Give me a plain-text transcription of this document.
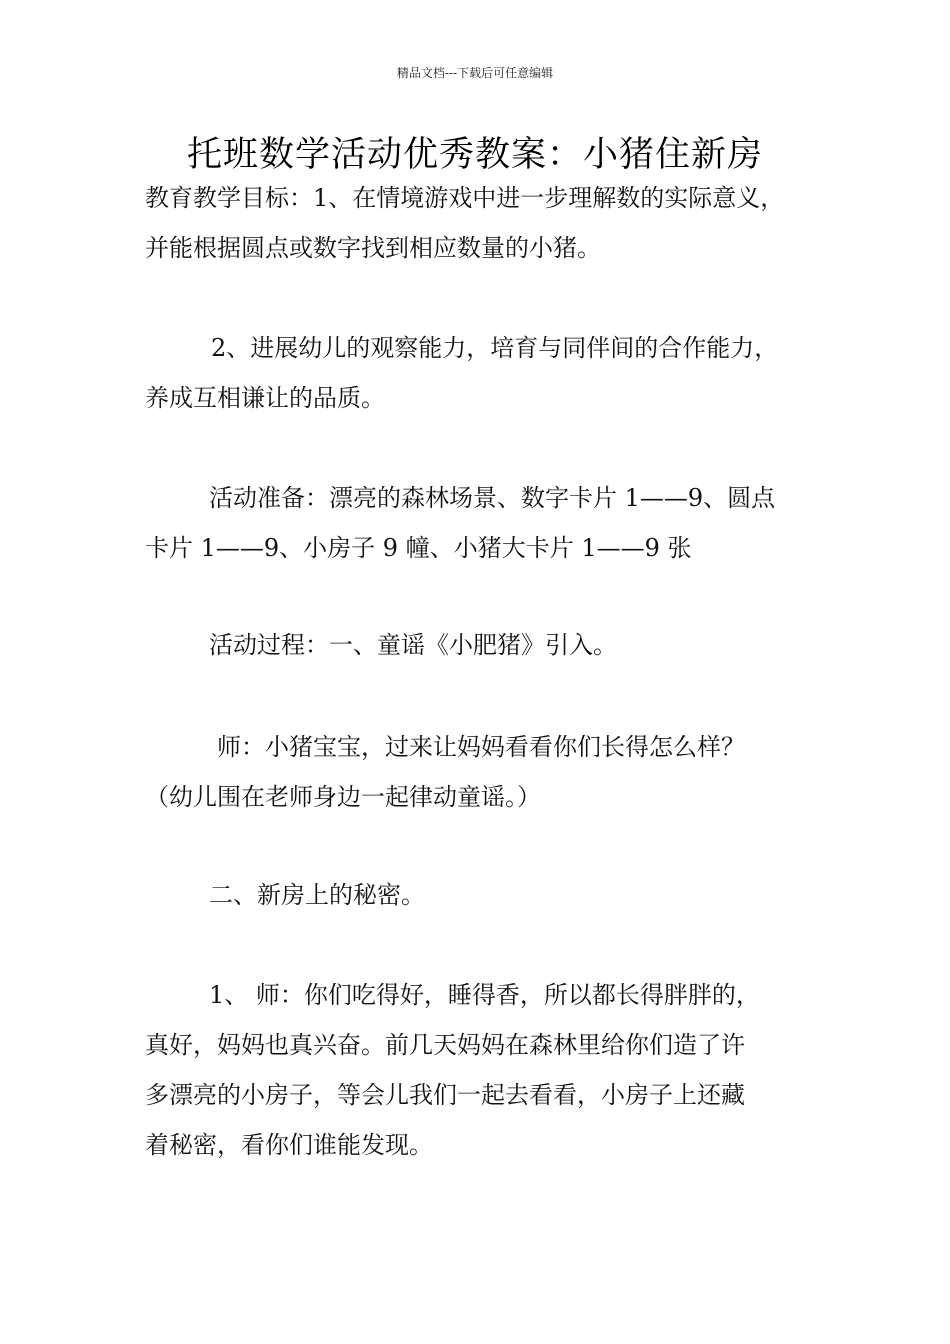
精品文档---下载后可任意编辑
托班数学活动优秀教案：小猪住新房
教育教学目标：1、在情境游戏中进一步理解数的实际意义，
并能根据圆点或数字找到相应数量的小猪。
2、进展幼儿的观察能力，培育与同伴间的合作能力，
养成互相谦让的品质。
活动准备：漂亮的森林场景、数字卡片 1——9、圆点
卡片 1——9、小房子 9 幢、小猪大卡片 1——9 张
活动过程：一、童谣《小肥猪》引入。
师：小猪宝宝，过来让妈妈看看你们长得怎么样？
（幼儿围在老师身边一起律动童谣。）
二、新房上的秘密。
1、 师：你们吃得好，睡得香，所以都长得胖胖的，
真好，妈妈也真兴奋。前几天妈妈在森林里给你们造了许
多漂亮的小房子，等会儿我们一起去看看，小房子上还藏
着秘密，看你们谁能发现。
